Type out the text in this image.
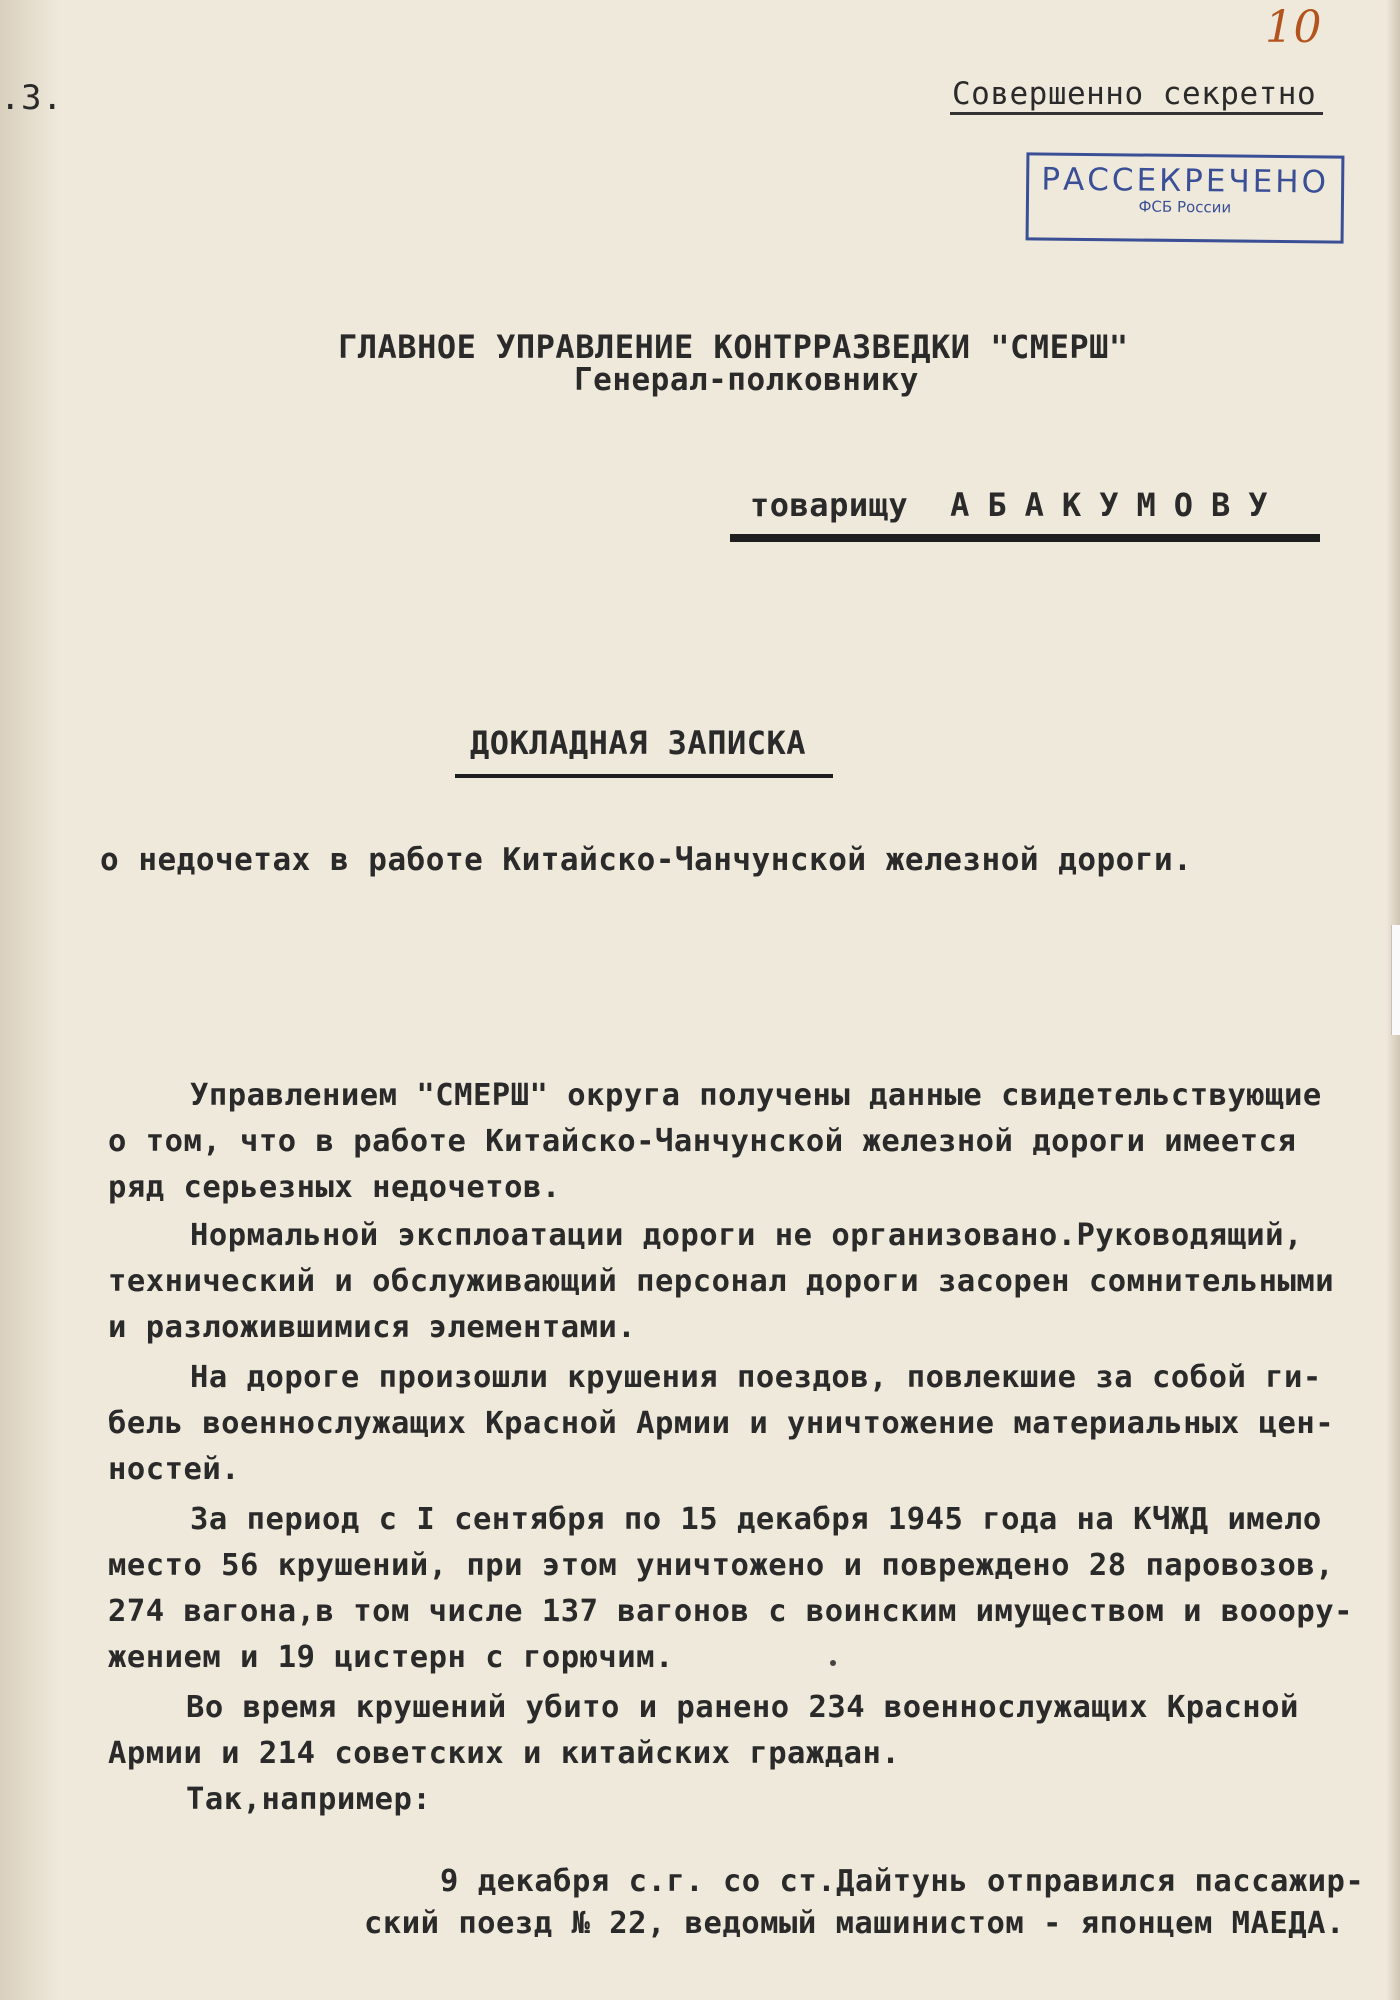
.3.
10
Совершенно секретно
РАССЕКРЕЧЕНО
ФСБ России
ГЛАВНОЕ УПРАВЛЕНИЕ КОНТРРАЗВЕДКИ "СМЕРШ"
Генерал-полковнику
товарищу АБАКУМОВУ
ДОКЛАДНАЯ ЗАПИСКА
о недочетах в работе Китайско-Чанчунской железной дороги.
Управлением "СМЕРШ" округа получены данные свидетельствующие
о том, что в работе Китайско-Чанчунской железной дороги имеется
ряд серьезных недочетов.
Нормальной эксплоатации дороги не организовано.Руководящий,
технический и обслуживающий персонал дороги засорен сомнительными
и разложившимися элементами.
На дороге произошли крушения поездов, повлекшие за собой ги-
бель военнослужащих Красной Армии и уничтожение материальных цен-
ностей.
За период с I сентября по 15 декабря 1945 года на КЧЖД имело
место 56 крушений, при этом уничтожено и повреждено 28 паровозов,
274 вагона,в том числе 137 вагонов с воинским имуществом и вооору-
жением и 19 цистерн с горючим.
Во время крушений убито и ранено 234 военнослужащих Красной
Армии и 214 советских и китайских граждан.
Так,например:
9 декабря с.г. со ст.Дайтунь отправился пассажир-
ский поезд № 22, ведомый машинистом - японцем МАЕДА.
